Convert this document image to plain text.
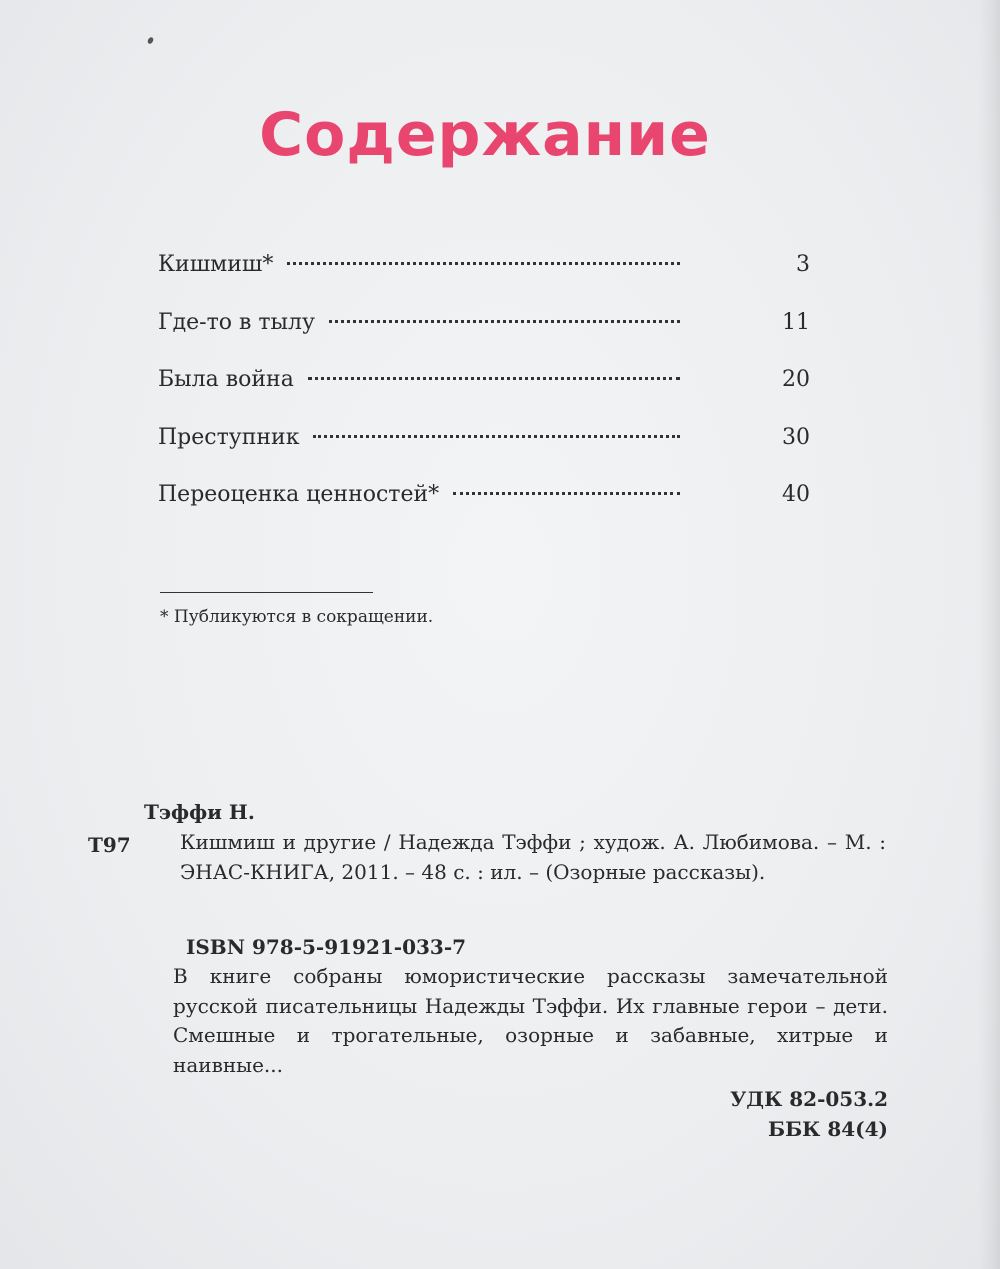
Содержание
Кишмиш*	3
Где-то в тылу	11
Была война	20
Преступник	30
Переоценка ценностей*	40
* Публикуются в сокращении.
Тэффи Н.
Т97 Кишмиш и другие / Надежда Тэффи ; худож. А. Любимова. – М. : ЭНАС-КНИГА, 2011. – 48 с. : ил. – (Озорные рассказы).
ISBN 978-5-91921-033-7
В книге собраны юмористические рассказы замечательной русской писательницы Надежды Тэффи. Их главные герои – дети. Смешные и трогательные, озорные и забавные, хитрые и наивные...
УДК 82-053.2
ББК 84(4)
